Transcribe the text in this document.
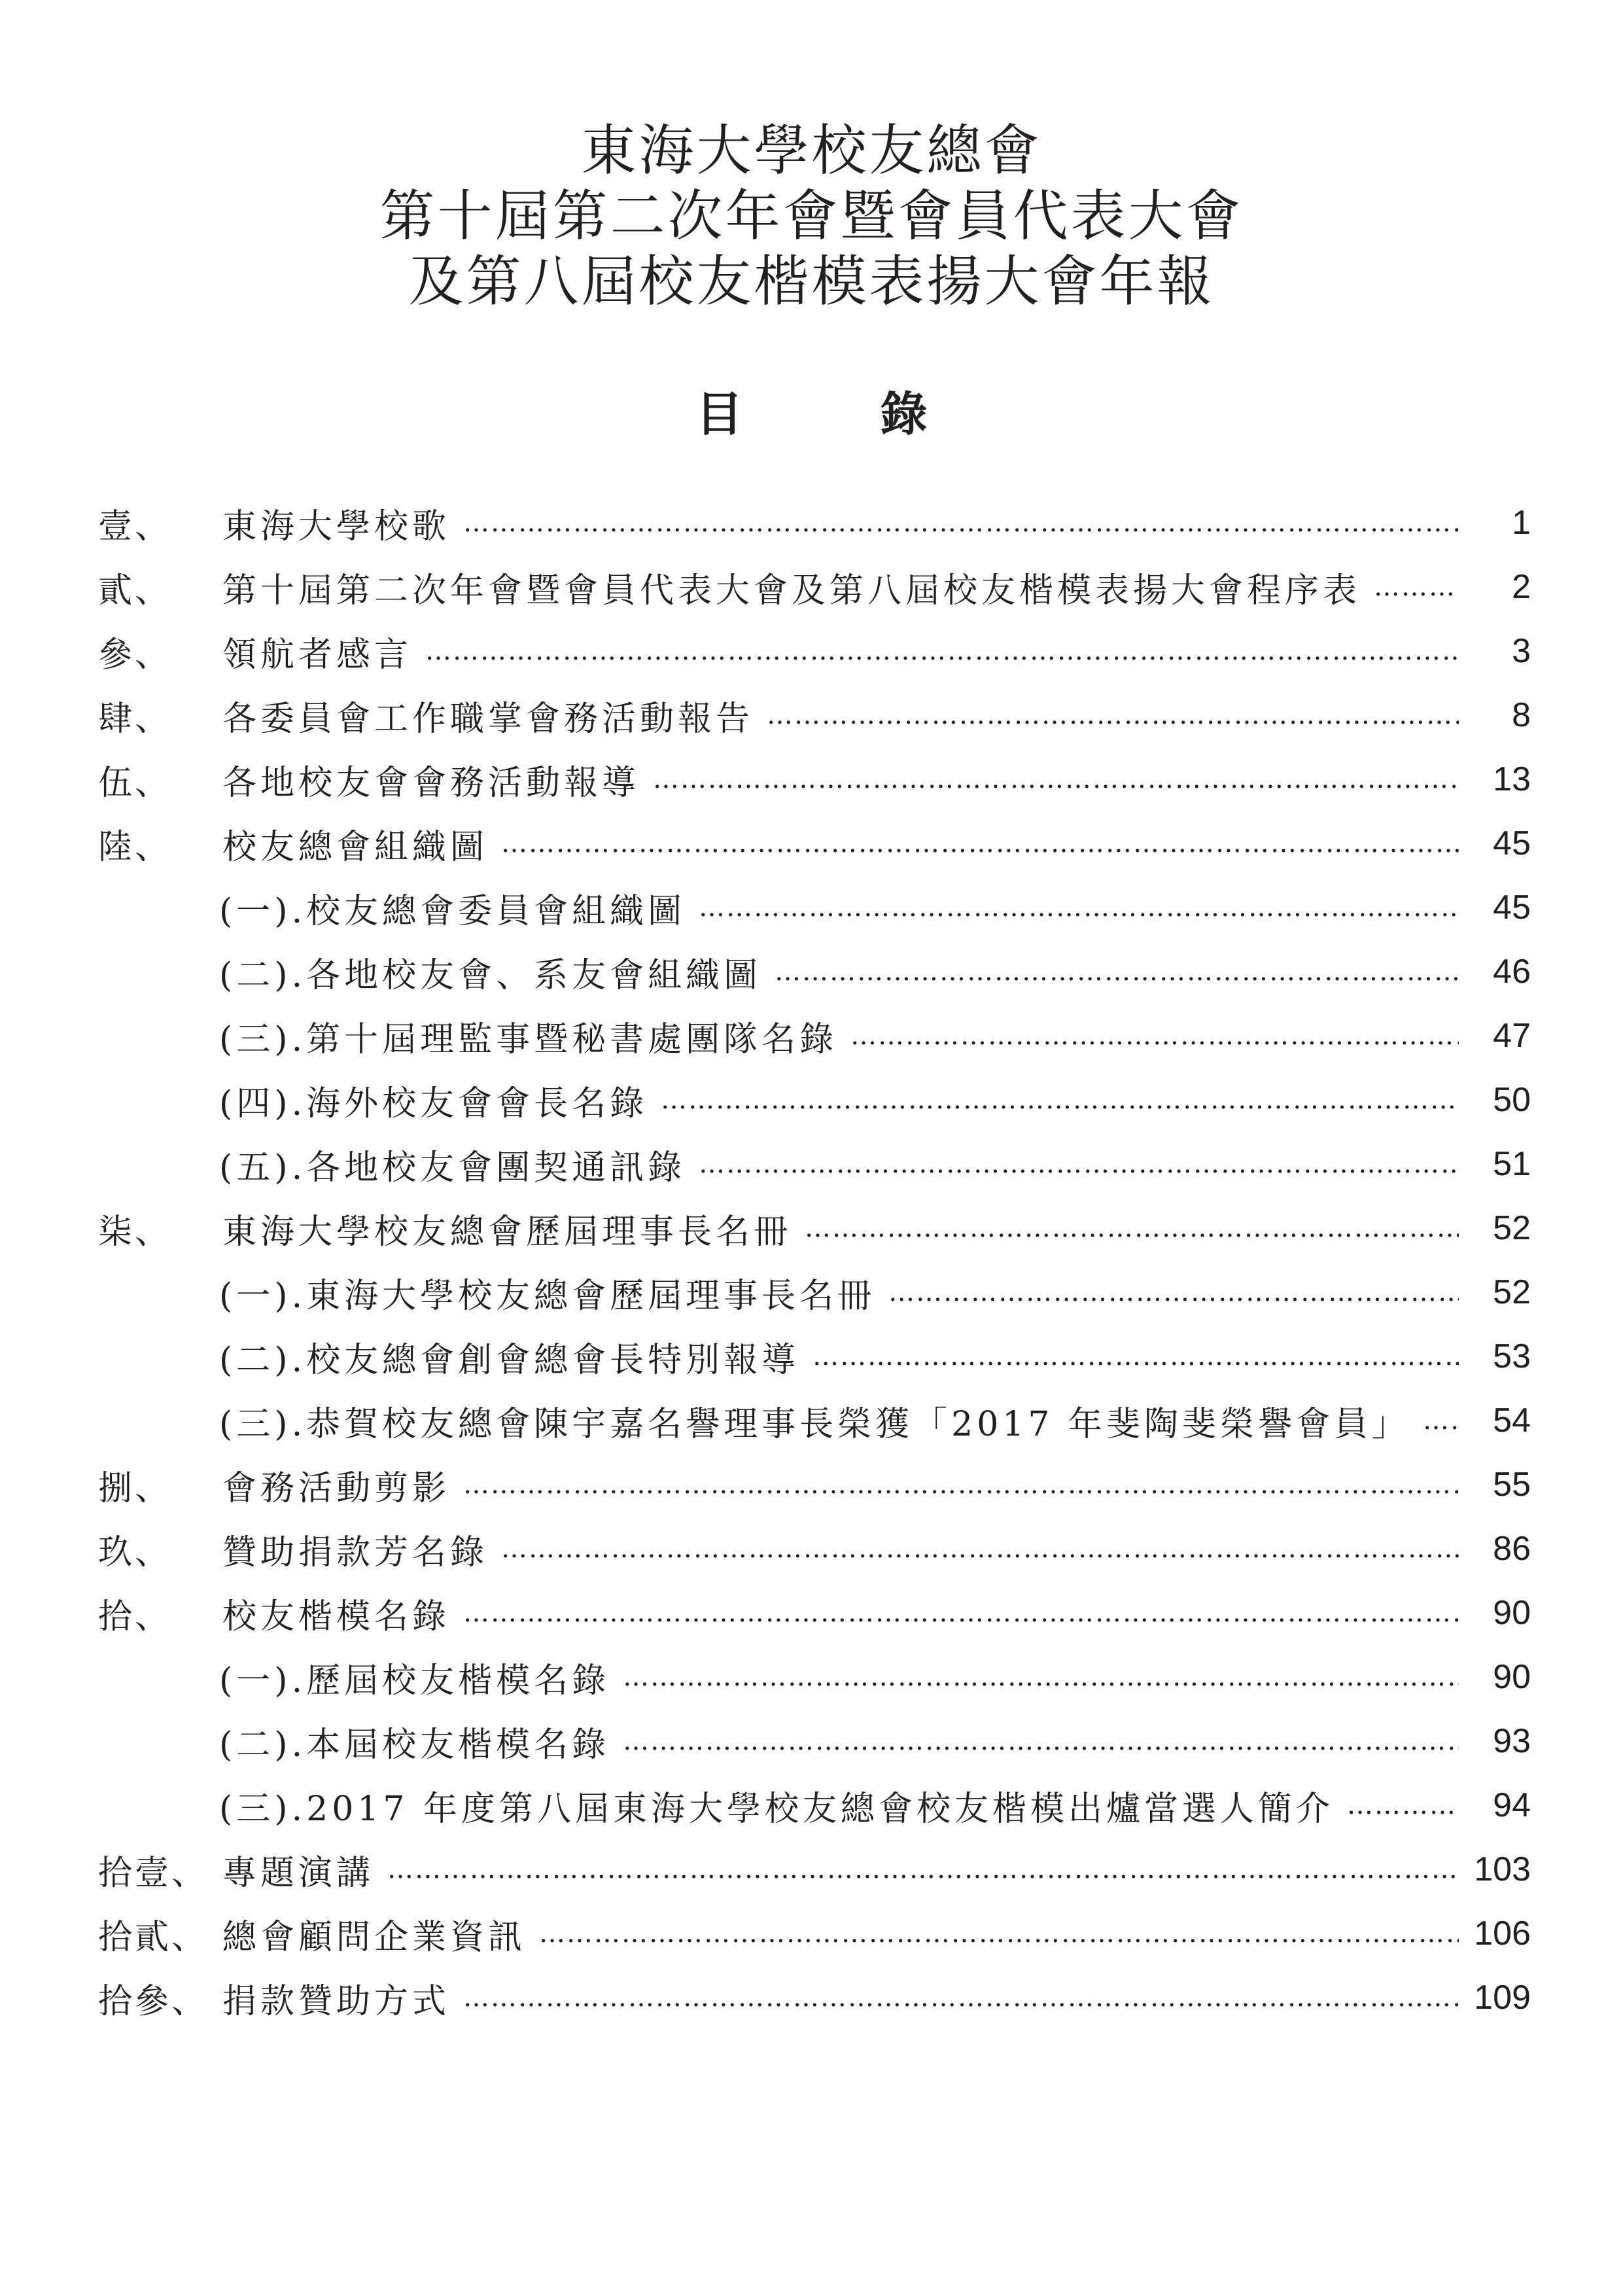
東海大學校友總會
第十屆第二次年會暨會員代表大會
及第八屆校友楷模表揚大會年報
目	錄
壹、	東海大學校歌 ………………………………………………………………………………………………………………………………………………………………………………………	1
貳、	第十屆第二次年會暨會員代表大會及第八屆校友楷模表揚大會程序表 ………………………………………………………………………………………………………………………………………………………………………………………	2
參、	領航者感言 ………………………………………………………………………………………………………………………………………………………………………………………	3
肆、	各委員會工作職掌會務活動報告 ………………………………………………………………………………………………………………………………………………………………………………………	8
伍、	各地校友會會務活動報導 ………………………………………………………………………………………………………………………………………………………………………………………	13
陸、	校友總會組織圖 ………………………………………………………………………………………………………………………………………………………………………………………	45
(一).校友總會委員會組織圖 ………………………………………………………………………………………………………………………………………………………………………………………	45
(二).各地校友會、系友會組織圖 ………………………………………………………………………………………………………………………………………………………………………………………	46
(三).第十屆理監事暨秘書處團隊名錄 ………………………………………………………………………………………………………………………………………………………………………………………	47
(四).海外校友會會長名錄 ………………………………………………………………………………………………………………………………………………………………………………………	50
(五).各地校友會團契通訊錄 ………………………………………………………………………………………………………………………………………………………………………………………	51
柒、	東海大學校友總會歷屆理事長名冊 ………………………………………………………………………………………………………………………………………………………………………………………	52
(一).東海大學校友總會歷屆理事長名冊 ………………………………………………………………………………………………………………………………………………………………………………………	52
(二).校友總會創會總會長特別報導 ………………………………………………………………………………………………………………………………………………………………………………………	53
(三).恭賀校友總會陳宇嘉名譽理事長榮獲「2017 年斐陶斐榮譽會員」 ………………………………………………………………………………………………………………………………………………………………………………………	54
捌、	會務活動剪影 ………………………………………………………………………………………………………………………………………………………………………………………	55
玖、	贊助捐款芳名錄 ………………………………………………………………………………………………………………………………………………………………………………………	86
拾、	校友楷模名錄 ………………………………………………………………………………………………………………………………………………………………………………………	90
(一).歷屆校友楷模名錄 ………………………………………………………………………………………………………………………………………………………………………………………	90
(二).本屆校友楷模名錄 ………………………………………………………………………………………………………………………………………………………………………………………	93
(三).2017 年度第八屆東海大學校友總會校友楷模出爐當選人簡介 ………………………………………………………………………………………………………………………………………………………………………………………	94
拾壹、 專題演講 ………………………………………………………………………………………………………………………………………………………………………………………	103
拾貳、 總會顧問企業資訊 ………………………………………………………………………………………………………………………………………………………………………………………	106
拾參、 捐款贊助方式 ………………………………………………………………………………………………………………………………………………………………………………………	109
